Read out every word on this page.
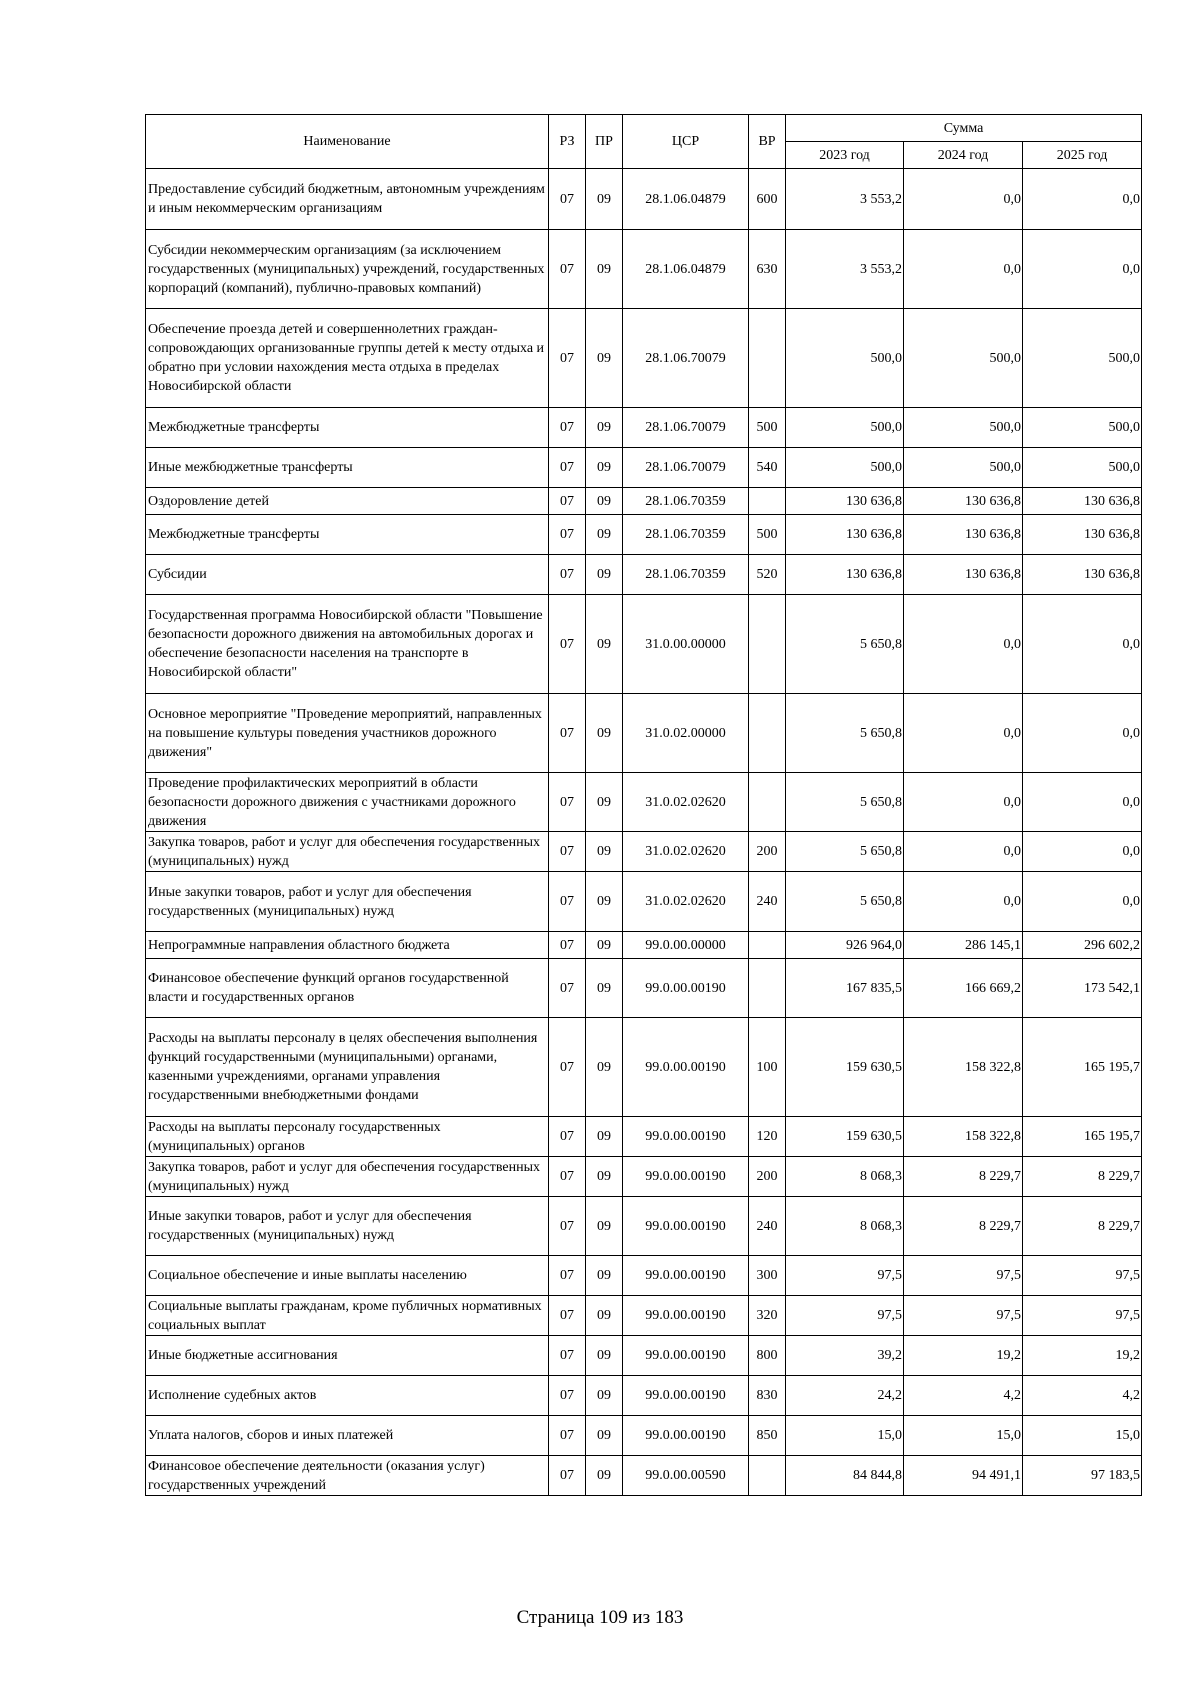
Наименование	РЗ	ПР	ЦСР	ВР	Сумма		
					2023 год	2024 год	2025 год
Предоставление субсидий бюджетным, автономным учреждениям и иным некоммерческим организациям	07	09	28.1.06.04879	600	3 553,2	0,0	0,0
Субсидии некоммерческим организациям (за исключением государственных (муниципальных) учреждений, государственных корпораций (компаний), публично-правовых компаний)	07	09	28.1.06.04879	630	3 553,2	0,0	0,0
Обеспечение проезда детей и совершеннолетних граждан-сопровождающих организованные группы детей к месту отдыха и обратно при условии нахождения места отдыха в пределах Новосибирской области	07	09	28.1.06.70079		500,0	500,0	500,0
Межбюджетные трансферты	07	09	28.1.06.70079	500	500,0	500,0	500,0
Иные межбюджетные трансферты	07	09	28.1.06.70079	540	500,0	500,0	500,0
Оздоровление детей	07	09	28.1.06.70359		130 636,8	130 636,8	130 636,8
Межбюджетные трансферты	07	09	28.1.06.70359	500	130 636,8	130 636,8	130 636,8
Субсидии	07	09	28.1.06.70359	520	130 636,8	130 636,8	130 636,8
Государственная программа Новосибирской области "Повышение безопасности дорожного движения на автомобильных дорогах и обеспечение безопасности населения на транспорте в Новосибирской области"	07	09	31.0.00.00000		5 650,8	0,0	0,0
Основное мероприятие "Проведение мероприятий, направленных на повышение культуры поведения участников дорожного движения"	07	09	31.0.02.00000		5 650,8	0,0	0,0
Проведение профилактических мероприятий в области безопасности дорожного движения с участниками дорожного движения	07	09	31.0.02.02620		5 650,8	0,0	0,0
Закупка товаров, работ и услуг для обеспечения государственных (муниципальных) нужд	07	09	31.0.02.02620	200	5 650,8	0,0	0,0
Иные закупки товаров, работ и услуг для обеспечения государственных (муниципальных) нужд	07	09	31.0.02.02620	240	5 650,8	0,0	0,0
Непрограммные направления областного бюджета	07	09	99.0.00.00000		926 964,0	286 145,1	296 602,2
Финансовое обеспечение функций органов государственной власти и государственных органов	07	09	99.0.00.00190		167 835,5	166 669,2	173 542,1
Расходы на выплаты персоналу в целях обеспечения выполнения функций государственными (муниципальными) органами, казенными учреждениями, органами управления государственными внебюджетными фондами	07	09	99.0.00.00190	100	159 630,5	158 322,8	165 195,7
Расходы на выплаты персоналу государственных (муниципальных) органов	07	09	99.0.00.00190	120	159 630,5	158 322,8	165 195,7
Закупка товаров, работ и услуг для обеспечения государственных (муниципальных) нужд	07	09	99.0.00.00190	200	8 068,3	8 229,7	8 229,7
Иные закупки товаров, работ и услуг для обеспечения государственных (муниципальных) нужд	07	09	99.0.00.00190	240	8 068,3	8 229,7	8 229,7
Социальное обеспечение и иные выплаты населению	07	09	99.0.00.00190	300	97,5	97,5	97,5
Социальные выплаты гражданам, кроме публичных нормативных социальных выплат	07	09	99.0.00.00190	320	97,5	97,5	97,5
Иные бюджетные ассигнования	07	09	99.0.00.00190	800	39,2	19,2	19,2
Исполнение судебных актов	07	09	99.0.00.00190	830	24,2	4,2	4,2
Уплата налогов, сборов и иных платежей	07	09	99.0.00.00190	850	15,0	15,0	15,0
Финансовое обеспечение деятельности (оказания услуг) государственных учреждений	07	09	99.0.00.00590		84 844,8	94 491,1	97 183,5
Страница 109 из 183
